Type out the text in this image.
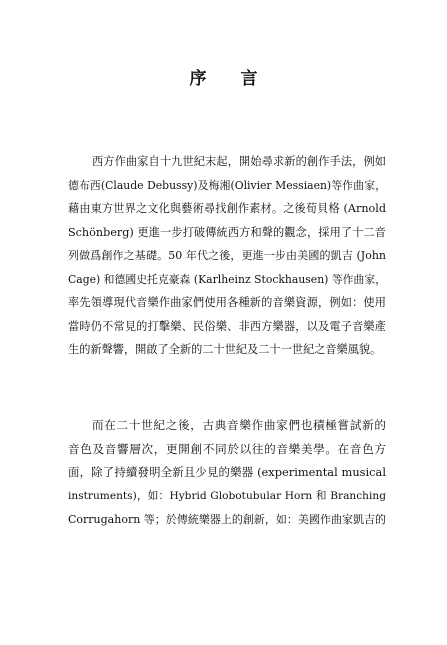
序 言
西方作曲家自十九世紀末起，開始尋求新的創作手法，例如
德布西(Claude Debussy)及梅湘(Olivier Messiaen)等作曲家，
藉由東方世界之文化與藝術尋找創作素材。之後荀貝格 (Arnold
Schönberg) 更進一步打破傳統西方和聲的觀念，採用了十二音
列做爲創作之基礎。50 年代之後，更進一步由美國的凱吉 (John
Cage) 和德國史托克豪森 (Karlheinz Stockhausen) 等作曲家，
率先領導現代音樂作曲家們使用各種新的音樂資源，例如：使用
當時仍不常見的打擊樂、民俗樂、非西方樂器，以及電子音樂產
生的新聲響，開啟了全新的二十世紀及二十一世紀之音樂風貌。
而在二十世紀之後，古典音樂作曲家們也積極嘗試新的
音色及音響層次，更開創不同於以往的音樂美學。在音色方
面，除了持續發明全新且少見的樂器 (experimental musical
instruments)，如：Hybrid Globotubular Horn 和 Branching
Corrugahorn 等；於傳統樂器上的創新，如：美國作曲家凱吉的
